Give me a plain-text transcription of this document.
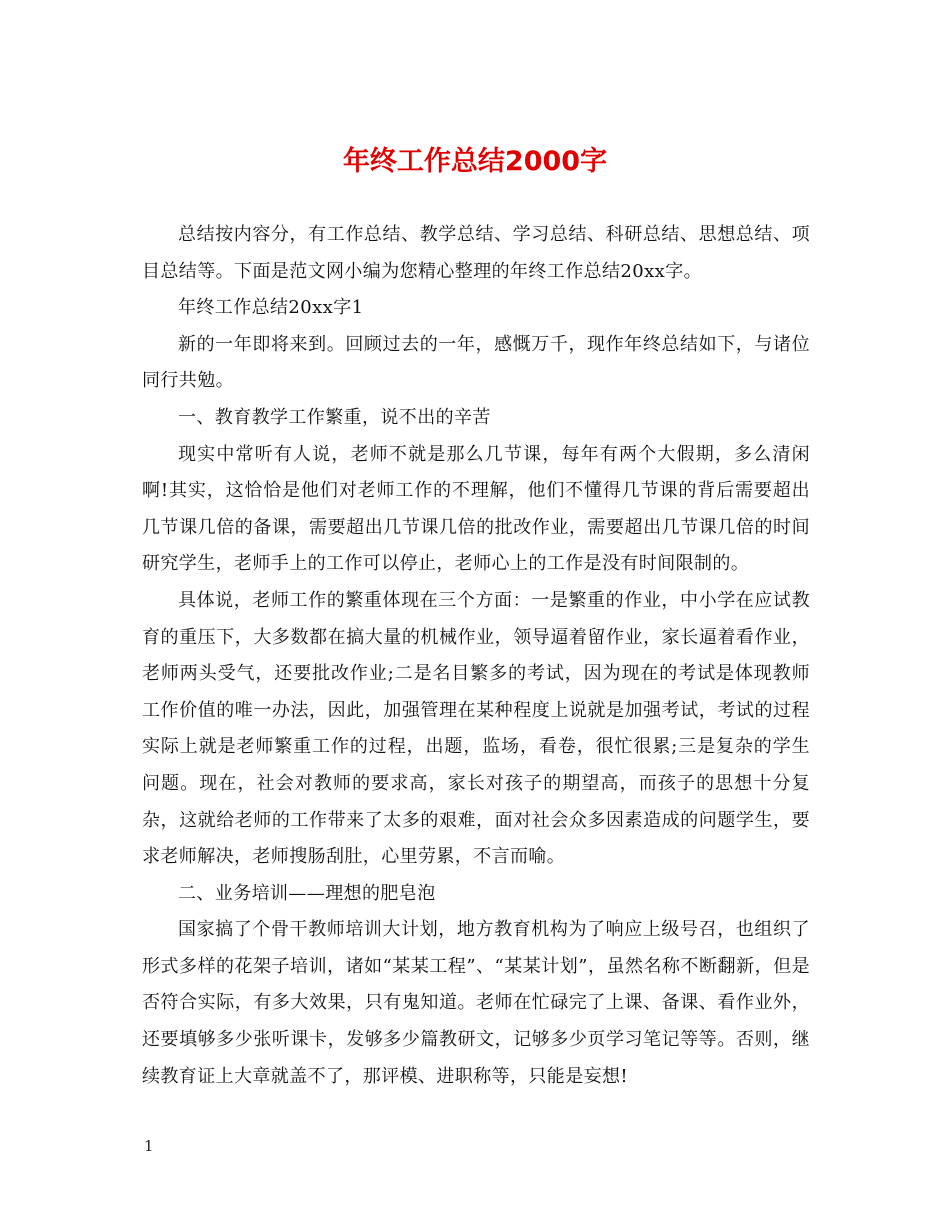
年终工作总结2000字

总结按内容分，有工作总结、教学总结、学习总结、科研总结、思想总结、项目总结等。下面是范文网小编为您精心整理的年终工作总结20xx字。

年终工作总结20xx字1

新的一年即将来到。回顾过去的一年，感慨万千，现作年终总结如下，与诸位同行共勉。

一、教育教学工作繁重，说不出的辛苦

现实中常听有人说，老师不就是那么几节课，每年有两个大假期，多么清闲啊!其实，这恰恰是他们对老师工作的不理解，他们不懂得几节课的背后需要超出几节课几倍的备课，需要超出几节课几倍的批改作业，需要超出几节课几倍的时间研究学生，老师手上的工作可以停止，老师心上的工作是没有时间限制的。

具体说，老师工作的繁重体现在三个方面：一是繁重的作业，中小学在应试教育的重压下，大多数都在搞大量的机械作业，领导逼着留作业，家长逼着看作业，老师两头受气，还要批改作业;二是名目繁多的考试，因为现在的考试是体现教师工作价值的唯一办法，因此，加强管理在某种程度上说就是加强考试，考试的过程实际上就是老师繁重工作的过程，出题，监场，看卷，很忙很累;三是复杂的学生问题。现在，社会对教师的要求高，家长对孩子的期望高，而孩子的思想十分复杂，这就给老师的工作带来了太多的艰难，面对社会众多因素造成的问题学生，要求老师解决，老师搜肠刮肚，心里劳累，不言而喻。

二、业务培训——理想的肥皂泡

国家搞了个骨干教师培训大计划，地方教育机构为了响应上级号召，也组织了形式多样的花架子培训，诸如“某某工程”、“某某计划”，虽然名称不断翻新，但是否符合实际，有多大效果，只有鬼知道。老师在忙碌完了上课、备课、看作业外，还要填够多少张听课卡，发够多少篇教研文，记够多少页学习笔记等等。否则，继续教育证上大章就盖不了，那评模、进职称等，只能是妄想!

1
